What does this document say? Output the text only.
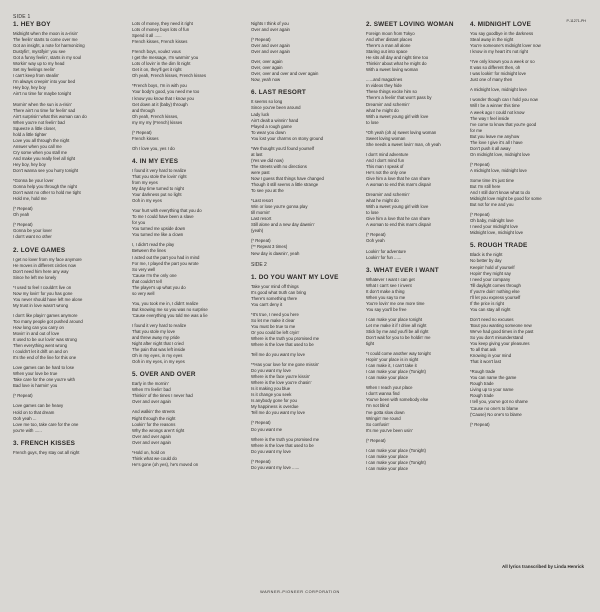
SIDE 1
P-11271-PH
1. HEY BOY
Midnight when the moon is a-risin'
The feelin' starts to come over me
Got an insight, a note for harmonizing
Dustyfin', mystifyin' you see
Got a funny feelin', starts in my soul
Workin' way up to my head
Set my feelings reelin'
I can't keep from stealin'
I'm always creepin' into your bed
Hey boy, hey boy
Ain't no time for maybe tonight
Mornin' when the sun is a-risin'
There ain't no time for feelin' sad
Ain't surprisin' what this woman can do
When you're not feelin' bad
Squeeze a little closer,
hold a little tighter
Love you all through the night
Answer when you call me
Cry some when you stall me
And make you really feel all right
Hey boy, hey boy
Don't wanna see you hurry tonight
*Gonna be your lover
Gonna help you through the night
Don't want no other to hold me tight
Hold me, hold me
(* Repeat)
Oh yeah
(* Repeat)
Gonna be your lover
I don't want no other
2. LOVE GAMES
I get no lover from my face anymore
He moves in different circles now
Don't need him here any way
Since he left me lonely
*I used to feel I couldn't live on
Now my lovin' for you has gone
You never should have left me alone
My trust in love wasn't wrong
I don't like playin' games anymore
Too many people got pushed around
How long can you carry on
Movin' in and out of love
It used to be our lovin' was strong
Then everything went wrong
I couldn't let it drift on and on
It's the end of the line for this one
Love games can be hard to lose
When your love be true
Take care for the one you're with
Bad love is harmin' you
(* Repeat)
Love games can be heavy
Hold on to that dream
Ooh yeah ...
Love me too, take care for the one
you're with ......
3. FRENCH KISSES
French guys, they stay out all night
Lots of money, they need it right
Lots of money buys lots of fun
Spend it all ......
French kisses, French kisses
French boys, voulez vous
I get the message, I'm warmin' you
Lots of lovin' in the dim lit night
Get it on, they'll get it right
Oh yeah, French kisses, French kisses
*French boys, I'm in with you
Your body's good, you need me too
I know you know that I know you
Get down at it (baby) through
and through
Oh yeah, French kisses,
my my my (French) kisses
(* Repeat)
French kisses
Oh I love you, yes I do
4. IN MY EYES
I found it very hard to realize
That you stole the lovin' right
from my eyes
My day time turned to night
Your darkness put no light
Ooh in my eyes
Your hurt with everything that you do
To me I could have been a slave
for you
You turned me upside down
You turned me like a clown
I, I didn't read the play
Between the lines
I acted out the part you had in mind
For me, I played the part you wrote
So very well
'Cause I'm the only one
that couldn't tell
The player's up what you do
so very well
You, you took me in, I didn't realize
But knowing me so you was no surprise
'Cause everything you told me was a lie
I found it very hard to realize
That you stole my love
and threw away my pride
Night after night that I cried
The pain that was left inside
Oh in my eyes, in my eyes
Ooh in my eyes, in my eyes
5. OVER AND OVER
Early in the mornin'
When I'm feelin' bad
Thinkin' of the times I never had
Over and over again
And walkin' the streets
Right through the night
Lookin' for the reasons
Why the wrongs aren't right
Over and over again
Over and over again
*Hold on, hold on
Think what we could do
He's gone (oh yes), he's moved on
Nights I think of you
Over and over again
(* Repeat)
Over and over again
Over and over again
Over, over again
Over, over again
Over, over and over and over again
Now, yeah now
6. LAST RESORT
It seems so long
Since you've been around
Lady luck
Ain't dealt a winnin' hand
Played a rough game
To wear you down
You lost your charms on stony ground
*We thought you'd found yourself
at last
(Yes we did now)
The streets with no directions
were past
Now I guess that things have changed
Though it still seems a little strange
To see you at the
*Last resort
Win or lose you're gonna play
till mornin'
Last resort
Still alone and a new day dawnin'
(yeah)
(* Repeat)
(** Repeat 3 times)
New day is dawnin', yeah
SIDE 2
1. DO YOU WANT MY LOVE
Take your mind off things
It's good what truth can bring
There's something there
You can't deny it
*It's true, I need you here
So let me make it clear
You must be true to me
Or you could be left cryin'
Where is the truth you promised me
Where is the love that used to be
Tell me do you want my love
**Has your love for me gone missin'
Do you want my love
Where is the face you're kissin'
Where is the love you're chasin'
Is it making you blue
Is it change you seek
Is anybody gone for you
My happiness is overdue
Tell me do you want my love
(* Repeat)
Do you want me
Where is the truth you promised me
Where is the love that used to be
Do you want my love
(* Repeat)
Do you want my love ......
2. SWEET LOVING WOMAN
Foreign moon from Tokyo
And other distant places
There's a man all alone
Staring out into space
He sits all day and night time too
Thinkin' about what he might do
With a sweet loving woman
......and magazines
In videos they hide
These things excite him so
There's a feelin' that won't pass by
Dreamin' and schemin'
what he might do
With a sweet young girl with love
to lose
*Oh yeah (oh a) sweet loving woman
Sweet loving woman
She needs a sweet lovin' man, oh yeah
I don't mind adventure
And I don't mind fun
This man I speak of
He's not the only one
Give him a love that he can share
A woman to end this man's dispair
Dreamin' and schemin'
what he might do
With a sweet young girl with love
to lose
Give him a love that he can share
A woman to end this man's dispair
(* Repeat)
Ooh yeah
Lookin' for adventure
Lookin' for fun ......
3. WHAT EVER I WANT
Whatever I want I can get
What I can't see I invent
It don't make a thing
When you say to me
You're lovin' me one more time
You say you'll be free
I can make your place tonight
Let me make it if I drive all night
Stick by me and you'll be all right
Don't wait for you to be holdin' me
tight
*I could come another way tonight
Hopin' your place is in sight
I can make it, I can't take it
I can make your place (Tonight)
I can make your place
When I reach your place
I don't wanna find
You've been with somebody else
I'm not blind
I've gotta slow down
Wringin' me round
So confusin'
It's me you've been usin'
(* Repeat)
I can make your place (Tonight)
I can make your place
I can make your place (Tonight)
I can make your place
4. MIDNIGHT LOVE
You say goodbye in the darkness
Steal away in the night
You're someone's midnight lover now
I know in my heart it's not right
*I've only known you a week or so
It was so different then, oh
I was lookin' for midnight love
Just one of many then
A midnight love, midnight love
I wonder though can I hold you now
Will I be a winner this time
A week ago I could not know
The way I feel inside
I've come to know that you're good
for me
But you leave me anyhow
The love I give it's all I have
Don't push it all away
On midnight love, midnight love
(* Repeat)
A midnight love, midnight love
Some time it's just time
But I'm still here
And I still don't know what to do
Midnight love might be good for some
But not for me and you
(* Repeat)
Oh baby, midnight love
I need your midnight love
Midnight love, midnight love
5. ROUGH TRADE
Black is the night
No better by day
Keepin' hold of yourself
Hopin' they might say
I need your company
Till daylight comes through
If you're doin' nothing else
I'll let you express yourself
If the price is right
You can stay all night
Don't need no excuses
'Bout you wanting someone new
We've had good times in the past
So you don't misunderstand
You keep giving your pleasures
To all that ask
Knowing in your mind
That it won't last
*Rough trade
You can name the game
Rough trade
Living up to your name
Rough trade
I tell you, you've got no shame
'Cause no one's to blame
('Cause) No one's to blame
(* Repeat)
All lyrics transcribed by Linda Henrick
WARNER-PIONEER CORPORATION
